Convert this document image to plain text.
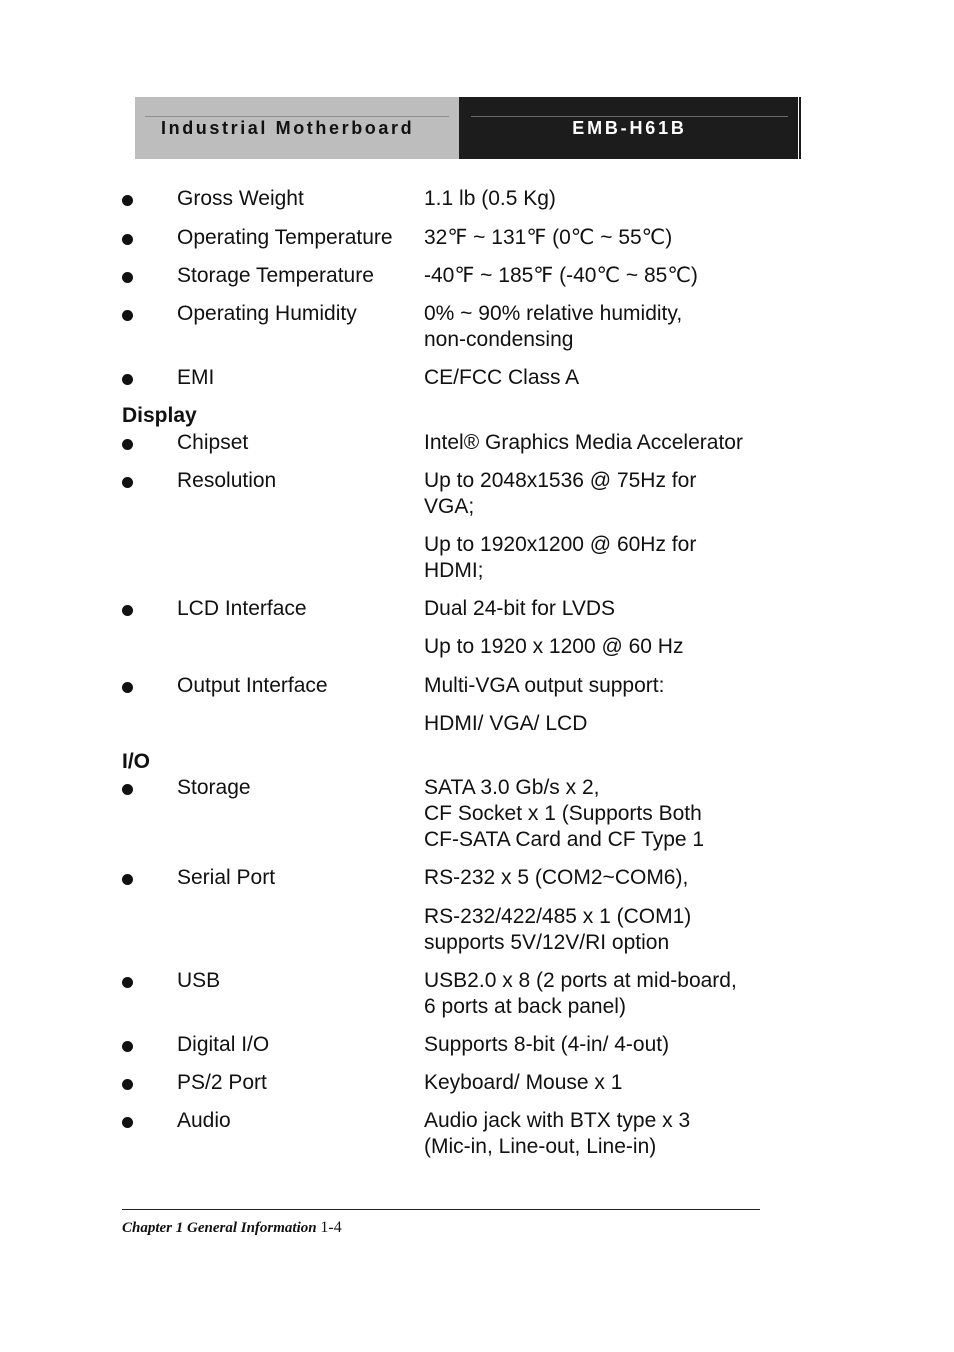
Industrial Motherboard	EMB-H61B
Gross Weight	1.1 lb (0.5 Kg)
Operating Temperature 32℉ ~ 131℉ (0℃ ~ 55℃)
Storage Temperature -40℉ ~ 185℉ (-40℃ ~ 85℃)
Operating Humidity	0% ~ 90% relative humidity,
non-condensing
EMI	CE/FCC Class A
Display
Chipset	Intel® Graphics Media Accelerator
Resolution	Up to 2048x1536 @ 75Hz for
VGA;
Up to 1920x1200 @ 60Hz for
HDMI;
LCD Interface	Dual 24-bit for LVDS
Up to 1920 x 1200 @ 60 Hz
Output Interface	Multi-VGA output support:
HDMI/ VGA/ LCD
I/O
Storage	SATA 3.0 Gb/s x 2,
CF Socket x 1 (Supports Both
CF-SATA Card and CF Type 1
Serial Port	RS-232 x 5 (COM2~COM6),
RS-232/422/485 x 1 (COM1)
supports 5V/12V/RI option
USB	USB2.0 x 8 (2 ports at mid-board,
6 ports at back panel)
Digital I/O	Supports 8-bit (4-in/ 4-out)
PS/2 Port	Keyboard/ Mouse x 1
Audio	Audio jack with BTX type x 3
(Mic-in, Line-out, Line-in)
Chapter 1 General Information 1-4
